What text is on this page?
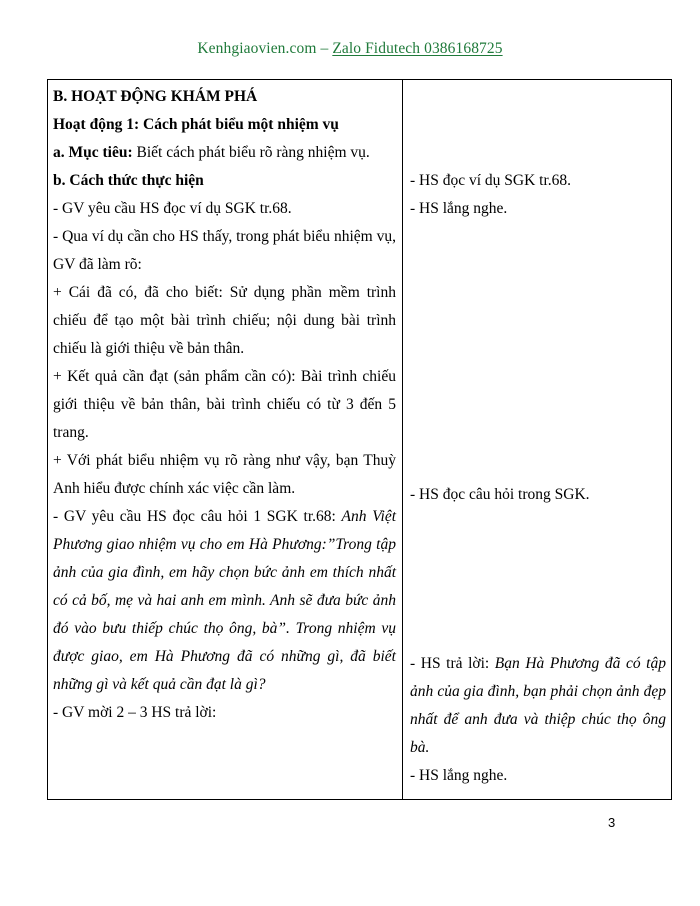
Kenhgiaovien.com – Zalo Fidutech 0386168725

B. HOẠT ĐỘNG KHÁM PHÁ

Hoạt động 1: Cách phát biểu một nhiệm vụ

a. Mục tiêu: Biết cách phát biểu rõ ràng nhiệm vụ.

b. Cách thức thực hiện

- GV yêu cầu HS đọc ví dụ SGK tr.68.

- Qua ví dụ cần cho HS thấy, trong phát biểu nhiệm vụ, GV đã làm rõ:

+ Cái đã có, đã cho biết: Sử dụng phần mềm trình chiếu để tạo một bài trình chiếu; nội dung bài trình chiếu là giới thiệu về bản thân.

+ Kết quả cần đạt (sản phẩm cần có): Bài trình chiếu giới thiệu về bản thân, bài trình chiếu có từ 3 đến 5 trang.

+ Với phát biểu nhiệm vụ rõ ràng như vậy, bạn Thuỳ Anh hiểu được chính xác việc cần làm.

- GV yêu cầu HS đọc câu hỏi 1 SGK tr.68: Anh Việt Phương giao nhiệm vụ cho em Hà Phương:”Trong tập ảnh của gia đình, em hãy chọn bức ảnh em thích nhất có cả bố, mẹ và hai anh em mình. Anh sẽ đưa bức ảnh đó vào bưu thiếp chúc thọ ông, bà”. Trong nhiệm vụ được giao, em Hà Phương đã có những gì, đã biết những gì và kết quả cần đạt là gì?

- GV mời 2 – 3 HS trả lời:

- HS đọc ví dụ SGK tr.68.

- HS lắng nghe.

- HS đọc câu hỏi trong SGK.

- HS trả lời: Bạn Hà Phương đã có tập ảnh của gia đình, bạn phải chọn ảnh đẹp nhất để anh đưa và thiệp chúc thọ ông bà.

- HS lắng nghe.

3
